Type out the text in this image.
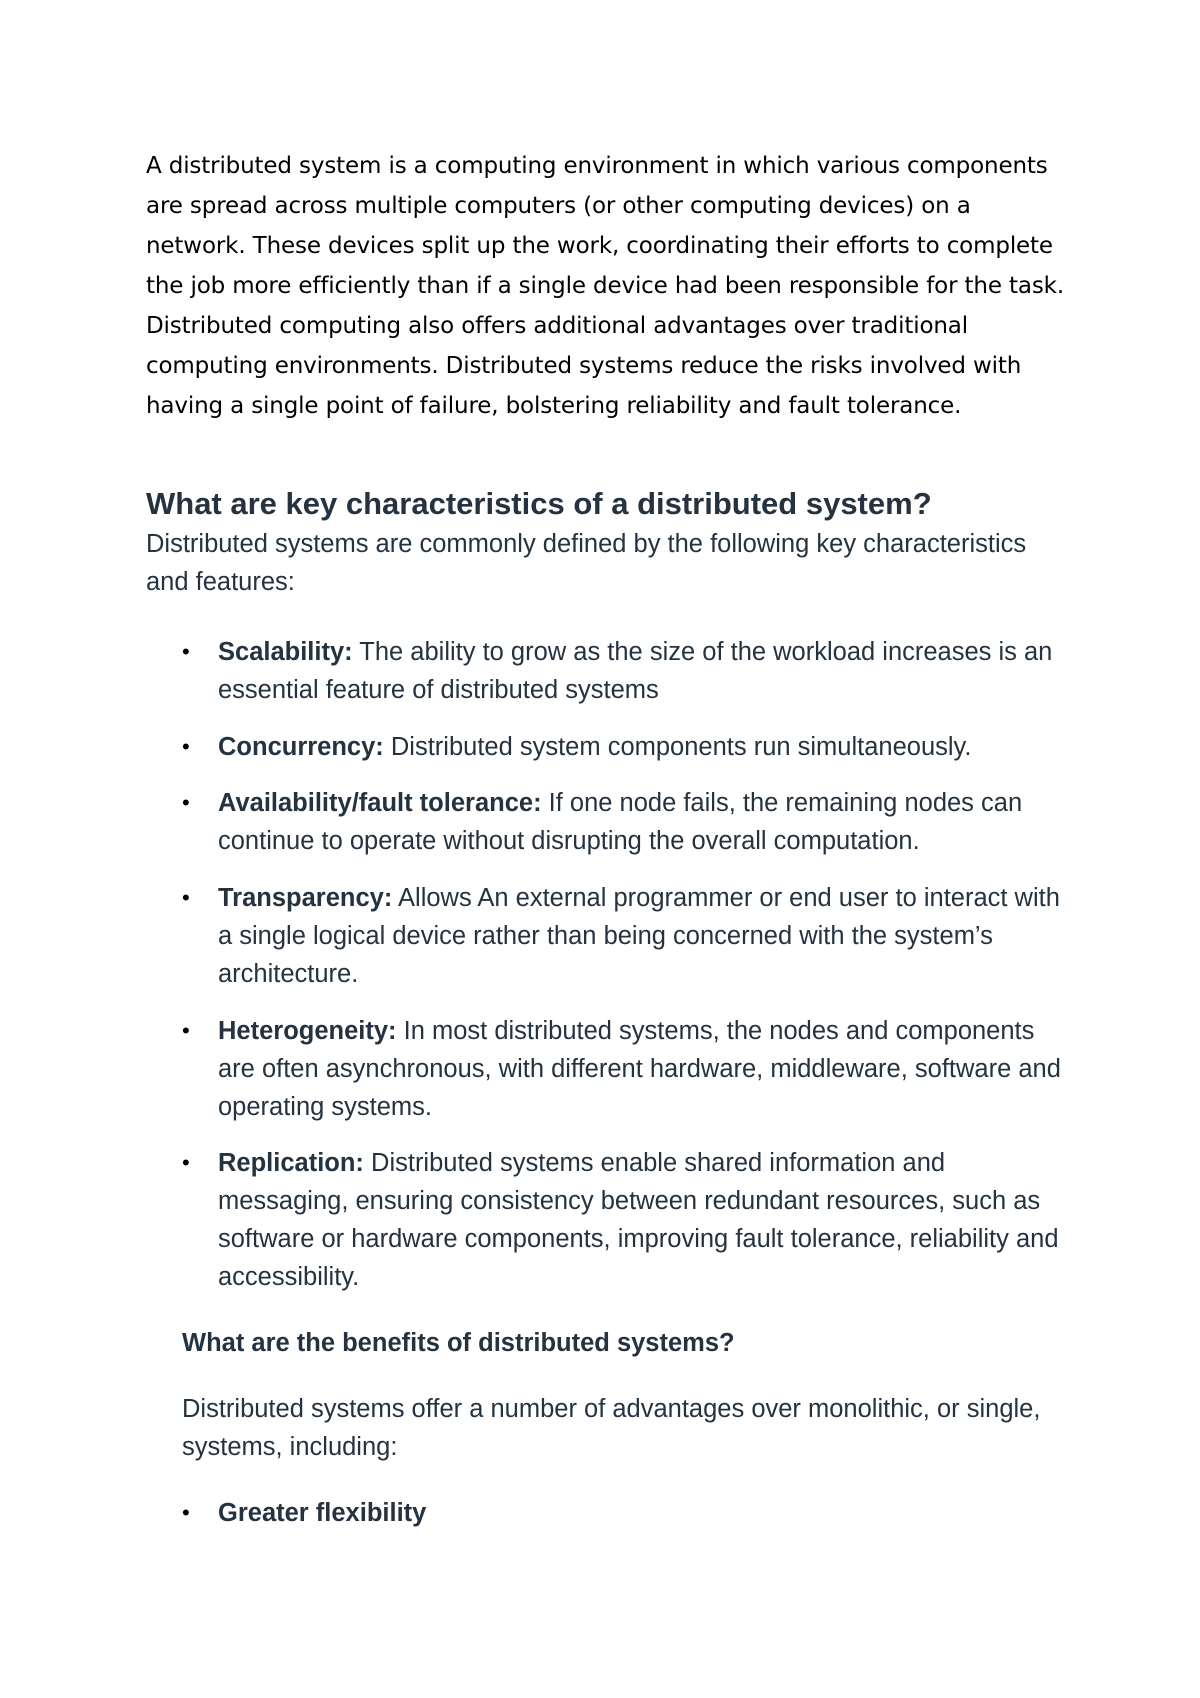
A distributed system is a computing environment in which various components are spread across multiple computers (or other computing devices) on a network. These devices split up the work, coordinating their efforts to complete the job more efficiently than if a single device had been responsible for the task. Distributed computing also offers additional advantages over traditional computing environments. Distributed systems reduce the risks involved with having a single point of failure, bolstering reliability and fault tolerance.

What are key characteristics of a distributed system?

Distributed systems are commonly defined by the following key characteristics and features:

• Scalability: The ability to grow as the size of the workload increases is an essential feature of distributed systems
• Concurrency: Distributed system components run simultaneously.
• Availability/fault tolerance: If one node fails, the remaining nodes can continue to operate without disrupting the overall computation.
• Transparency: Allows An external programmer or end user to interact with a single logical device rather than being concerned with the system’s architecture.
• Heterogeneity: In most distributed systems, the nodes and components are often asynchronous, with different hardware, middleware, software and operating systems.
• Replication: Distributed systems enable shared information and messaging, ensuring consistency between redundant resources, such as software or hardware components, improving fault tolerance, reliability and accessibility.
What are the benefits of distributed systems?

Distributed systems offer a number of advantages over monolithic, or single, systems, including:

• Greater flexibility
